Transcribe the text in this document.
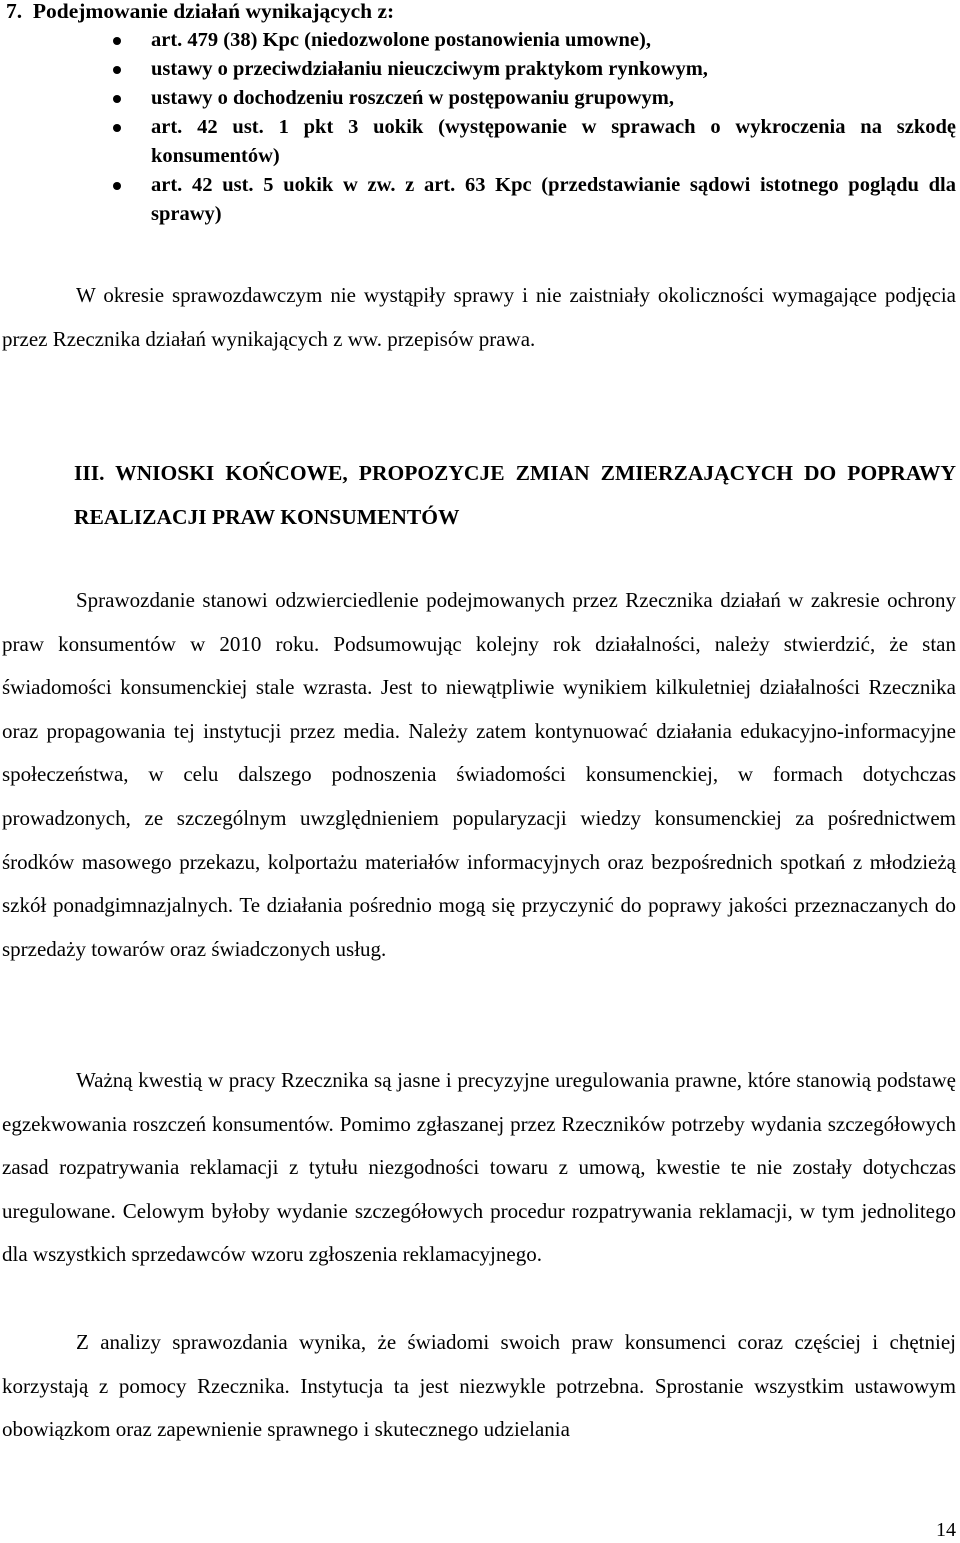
7.  Podejmowanie działań wynikających z:
art. 479 (38) Kpc (niedozwolone postanowienia umowne),
ustawy o przeciwdziałaniu nieuczciwym praktykom rynkowym,
ustawy o dochodzeniu roszczeń w postępowaniu grupowym,
art. 42 ust. 1 pkt 3 uokik (występowanie w sprawach o wykroczenia na szkodę konsumentów)
art. 42 ust. 5 uokik w zw. z art. 63 Kpc (przedstawianie sądowi istotnego poglądu dla sprawy)

W okresie sprawozdawczym nie wystąpiły sprawy i nie zaistniały okoliczności wymagające podjęcia przez Rzecznika działań wynikających z ww. przepisów prawa.

III. WNIOSKI KOŃCOWE, PROPOZYCJE ZMIAN ZMIERZAJĄCYCH DO POPRAWY REALIZACJI PRAW KONSUMENTÓW

Sprawozdanie stanowi odzwierciedlenie podejmowanych przez Rzecznika działań w zakresie ochrony praw konsumentów w 2010 roku. Podsumowując kolejny rok działalności, należy stwierdzić, że stan świadomości konsumenckiej stale wzrasta. Jest to niewątpliwie wynikiem kilkuletniej działalności Rzecznika oraz propagowania tej instytucji przez media. Należy zatem kontynuować działania edukacyjno-informacyjne społeczeństwa, w celu dalszego podnoszenia świadomości konsumenckiej, w formach dotychczas prowadzonych, ze szczególnym uwzględnieniem popularyzacji wiedzy konsumenckiej za pośrednictwem środków masowego przekazu, kolportażu materiałów informacyjnych oraz bezpośrednich spotkań z młodzieżą szkół ponadgimnazjalnych. Te działania pośrednio mogą się przyczynić do poprawy jakości przeznaczanych do sprzedaży towarów oraz świadczonych usług.

Ważną kwestią w pracy Rzecznika są jasne i precyzyjne uregulowania prawne, które stanowią podstawę egzekwowania roszczeń konsumentów. Pomimo zgłaszanej przez Rzeczników potrzeby wydania szczegółowych zasad rozpatrywania reklamacji z tytułu niezgodności towaru z umową, kwestie te nie zostały dotychczas uregulowane. Celowym byłoby wydanie szczegółowych procedur rozpatrywania reklamacji, w tym jednolitego dla wszystkich sprzedawców wzoru zgłoszenia reklamacyjnego.

Z analizy sprawozdania wynika, że świadomi swoich praw konsumenci coraz częściej i chętniej korzystają z pomocy Rzecznika. Instytucja ta jest niezwykle potrzebna. Sprostanie wszystkim ustawowym obowiązkom oraz zapewnienie sprawnego i skutecznego udzielania

14
